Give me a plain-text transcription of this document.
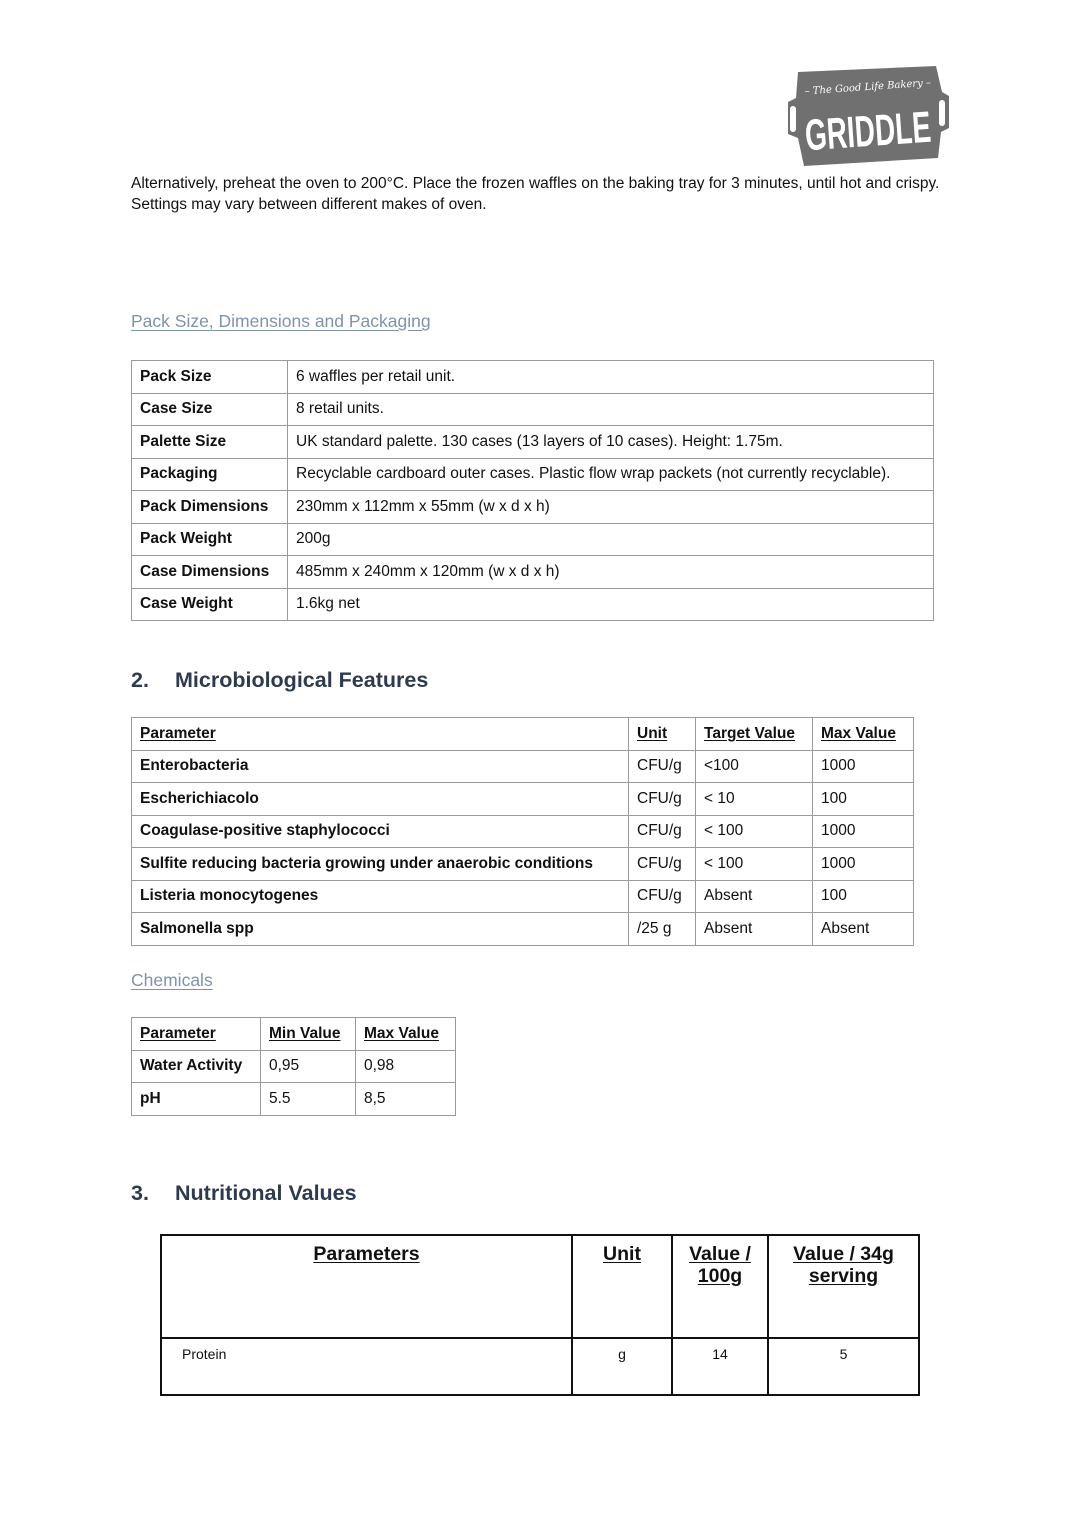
– The Good Life Bakery –
GRIDDLE
Alternatively, preheat the oven to 200°C. Place the frozen waffles on the baking tray for 3 minutes, until hot and crispy. Settings may vary between different makes of oven.
Pack Size, Dimensions and Packaging
Pack Size	6 waffles per retail unit.
Case Size	8 retail units.
Palette Size	UK standard palette. 130 cases (13 layers of 10 cases). Height: 1.75m.
Packaging	Recyclable cardboard outer cases. Plastic flow wrap packets (not currently recyclable).
Pack Dimensions	230mm x 112mm x 55mm (w x d x h)
Pack Weight	200g
Case Dimensions	485mm x 240mm x 120mm (w x d x h)
Case Weight	1.6kg net
2. Microbiological Features
Parameter	Unit	Target Value	Max Value
Enterobacteria	CFU/g	<100	1000
Escherichiacolo	CFU/g	< 10	100
Coagulase-positive staphylococci	CFU/g	< 100	1000
Sulfite reducing bacteria growing under anaerobic conditions	CFU/g	< 100	1000
Listeria monocytogenes	CFU/g	Absent	100
Salmonella spp	/25 g	Absent	Absent
Chemicals
Parameter	Min Value	Max Value
Water Activity	0,95	0,98
pH	5.5	8,5
3. Nutritional Values
Parameters	Unit	Value / 100g	Value / 34g serving
Protein	g	14	5
